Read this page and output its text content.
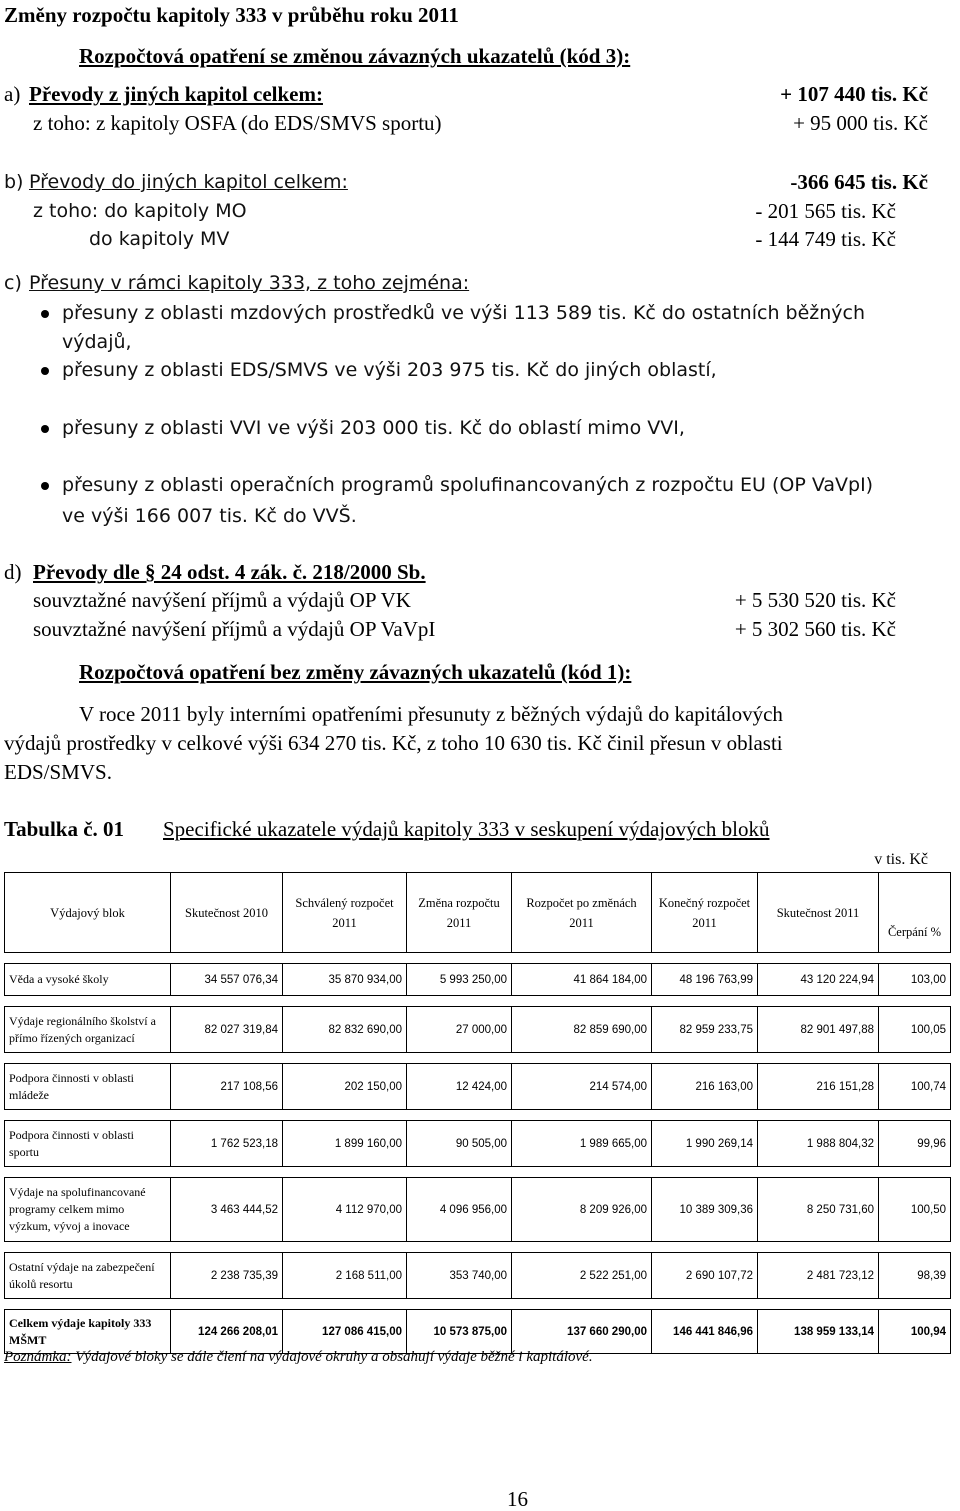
Změny rozpočtu kapitoly 333 v průběhu roku 2011
Rozpočtová opatření se změnou závazných ukazatelů (kód 3):
a) Převody z jiných kapitol celkem:	+ 107 440 tis. Kč
z toho: z kapitoly OSFA (do EDS/SMVS sportu)	+ 95 000 tis. Kč
b) Převody do jiných kapitol celkem:	-366 645 tis. Kč
z toho: do kapitoly MO	- 201 565 tis. Kč
do kapitoly MV	- 144 749 tis. Kč
c) Přesuny v rámci kapitoly 333, z toho zejména:
přesuny z oblasti mzdových prostředků ve výši 113 589 tis. Kč do ostatních běžných
výdajů,
přesuny z oblasti EDS/SMVS ve výši 203 975 tis. Kč do jiných oblastí,
přesuny z oblasti VVI ve výši 203 000 tis. Kč do oblastí mimo VVI,
přesuny z oblasti operačních programů spolufinancovaných z rozpočtu EU (OP VaVpI)
ve výši 166 007 tis. Kč do VVŠ.
d) Převody dle § 24 odst. 4 zák. č. 218/2000 Sb.
souvztažné navýšení příjmů a výdajů OP VK	+ 5 530 520 tis. Kč
souvztažné navýšení příjmů a výdajů OP VaVpI	+ 5 302 560 tis. Kč
Rozpočtová opatření bez změny závazných ukazatelů (kód 1):
V roce 2011 byly interními opatřeními přesunuty z běžných výdajů do kapitálových
výdajů prostředky v celkové výši 634 270 tis. Kč, z toho 10 630 tis. Kč činil přesun v oblasti
EDS/SMVS.
Tabulka č. 01 Specifické ukazatele výdajů kapitoly 333 v seskupení výdajových bloků
v tis. Kč
Výdajový blok	Skutečnost 2010	Schválený rozpočet 2011	Změna rozpočtu 2011	Rozpočet po změnách 2011	Konečný rozpočet 2011	Skutečnost 2011	Čerpání %

Věda a vysoké školy	34 557 076,34	35 870 934,00	5 993 250,00	41 864 184,00	48 196 763,99	43 120 224,94	103,00

Výdaje regionálního školství a přímo řízených organizací	82 027 319,84	82 832 690,00	27 000,00	82 859 690,00	82 959 233,75	82 901 497,88	100,05

Podpora činnosti v oblasti mládeže	217 108,56	202 150,00	12 424,00	214 574,00	216 163,00	216 151,28	100,74

Podpora činnosti v oblasti sportu	1 762 523,18	1 899 160,00	90 505,00	1 989 665,00	1 990 269,14	1 988 804,32	99,96

Výdaje na spolufinancované programy celkem mimo výzkum, vývoj a inovace	3 463 444,52	4 112 970,00	4 096 956,00	8 209 926,00	10 389 309,36	8 250 731,60	100,50

Ostatní výdaje na zabezpečení úkolů resortu	2 238 735,39	2 168 511,00	353 740,00	2 522 251,00	2 690 107,72	2 481 723,12	98,39

Celkem výdaje kapitoly 333 MŠMT	124 266 208,01	127 086 415,00	10 573 875,00	137 660 290,00	146 441 846,96	138 959 133,14	100,94
Poznámka: Výdajové bloky se dále člení na výdajové okruhy a obsahují výdaje běžné i kapitálové.
16
